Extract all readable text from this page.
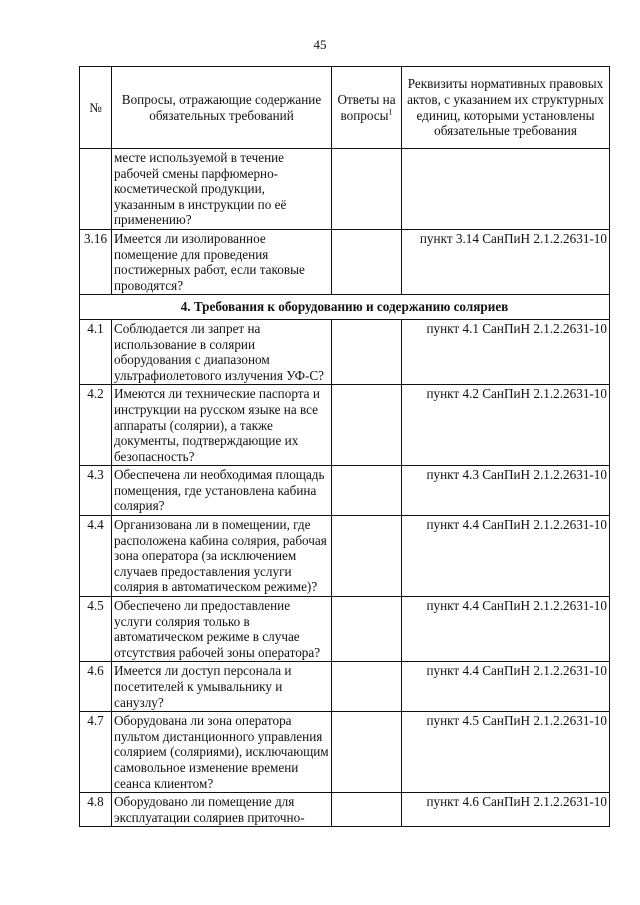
45
№	Вопросы, отражающие содержание обязательных требований	Ответы на вопросы$^1$	Реквизиты нормативных правовых актов, с указанием их структурных единиц, которыми установлены обязательные требования
	месте используемой в течение рабочей смены парфюмерно-косметической продукции, указанным в инструкции по её применению?		
3.16	Имеется ли изолированное помещение для проведения постижерных работ, если таковые проводятся?		пункт 3.14 СанПиН 2.1.2.2631-10
4. Требования к оборудованию и содержанию соляриев			
4.1	Соблюдается ли запрет на использование в солярии оборудования с диапазоном ультрафиолетового излучения УФ-С?		пункт 4.1 СанПиН 2.1.2.2631-10
4.2	Имеются ли технические паспорта и инструкции на русском языке на все аппараты (солярии), а также документы, подтверждающие их безопасность?		пункт 4.2 СанПиН 2.1.2.2631-10
4.3	Обеспечена ли необходимая площадь помещения, где установлена кабина солярия?		пункт 4.3 СанПиН 2.1.2.2631-10
4.4	Организована ли в помещении, где расположена кабина солярия, рабочая зона оператора (за исключением случаев предоставления услуги солярия в автоматическом режиме)?		пункт 4.4 СанПиН 2.1.2.2631-10
4.5	Обеспечено ли предоставление услуги солярия только в автоматическом режиме в случае отсутствия рабочей зоны оператора?		пункт 4.4 СанПиН 2.1.2.2631-10
4.6	Имеется ли доступ персонала и посетителей к умывальнику и санузлу?		пункт 4.4 СанПиН 2.1.2.2631-10
4.7	Оборудована ли зона оператора пультом дистанционного управления солярием (соляриями), исключающим самовольное изменение времени сеанса клиентом?		пункт 4.5 СанПиН 2.1.2.2631-10
4.8	Оборудовано ли помещение для эксплуатации соляриев приточно-		пункт 4.6 СанПиН 2.1.2.2631-10
